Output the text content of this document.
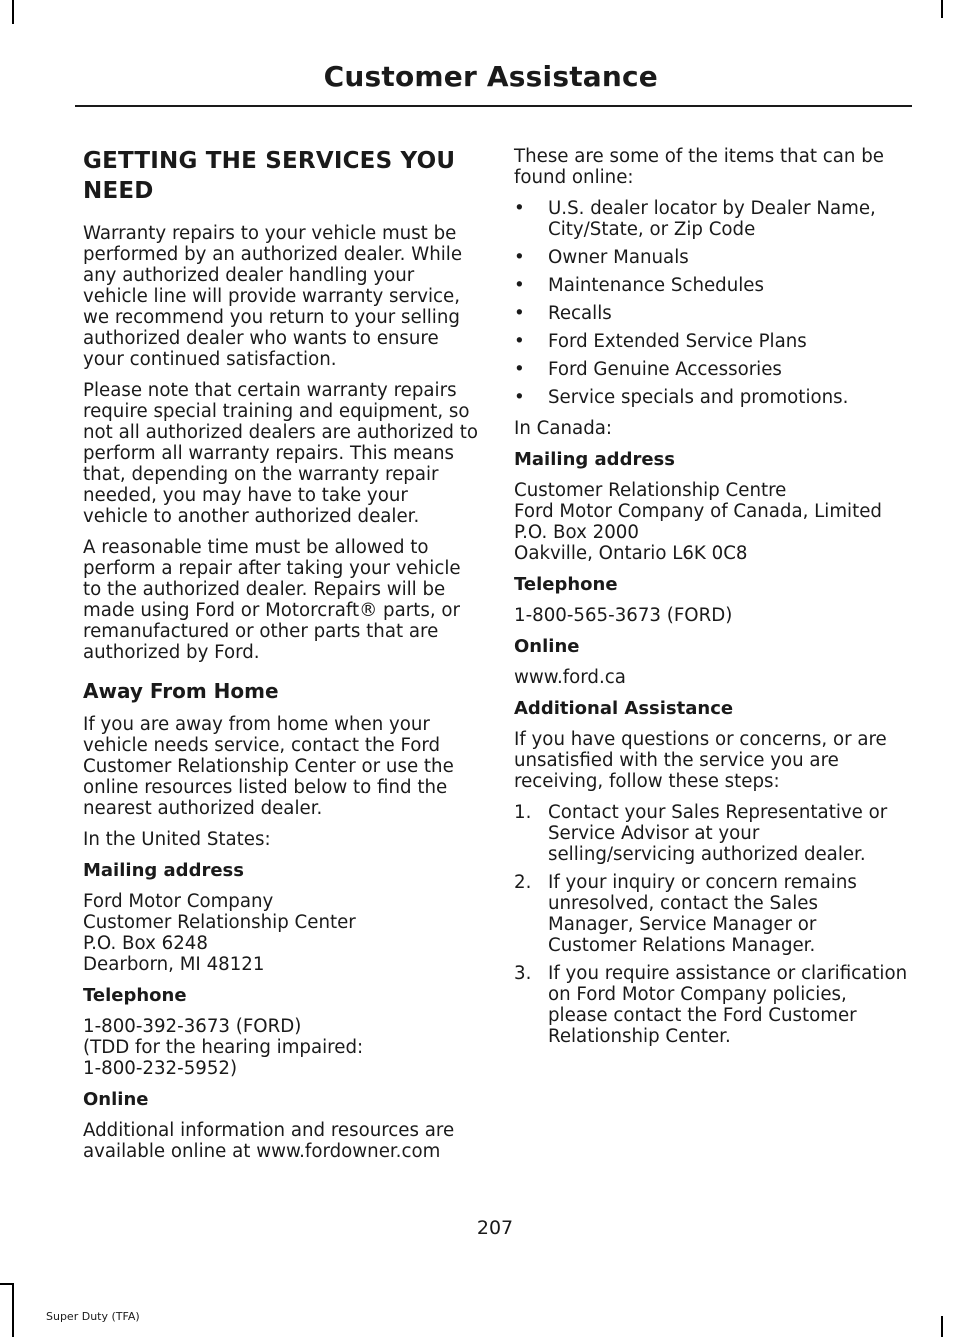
Customer Assistance
GETTING THE SERVICES YOU NEED

Warranty repairs to your vehicle must be performed by an authorized dealer. While any authorized dealer handling your vehicle line will provide warranty service, we recommend you return to your selling authorized dealer who wants to ensure your continued satisfaction.

Please note that certain warranty repairs require special training and equipment, so not all authorized dealers are authorized to perform all warranty repairs. This means that, depending on the warranty repair needed, you may have to take your vehicle to another authorized dealer.

A reasonable time must be allowed to perform a repair after taking your vehicle to the authorized dealer. Repairs will be made using Ford or Motorcraft® parts, or remanufactured or other parts that are authorized by Ford.

Away From Home

If you are away from home when your vehicle needs service, contact the Ford Customer Relationship Center or use the online resources listed below to find the nearest authorized dealer.

In the United States:

Mailing address

Ford Motor Company
Customer Relationship Center
P.O. Box 6248
Dearborn, MI 48121

Telephone

1-800-392-3673 (FORD)
(TDD for the hearing impaired:
1-800-232-5952)

Online

Additional information and resources are available online at www.fordowner.com

These are some of the items that can be found online:

• U.S. dealer locator by Dealer Name, City/State, or Zip Code
• Owner Manuals
• Maintenance Schedules
• Recalls
• Ford Extended Service Plans
• Ford Genuine Accessories
• Service specials and promotions.

In Canada:

Mailing address

Customer Relationship Centre
Ford Motor Company of Canada, Limited
P.O. Box 2000
Oakville, Ontario L6K 0C8

Telephone

1-800-565-3673 (FORD)

Online

www.ford.ca

Additional Assistance

If you have questions or concerns, or are unsatisfied with the service you are receiving, follow these steps:

1. Contact your Sales Representative or Service Advisor at your selling/servicing authorized dealer.
2. If your inquiry or concern remains unresolved, contact the Sales Manager, Service Manager or Customer Relations Manager.
3. If you require assistance or clarification on Ford Motor Company policies, please contact the Ford Customer Relationship Center.
207
Super Duty (TFA)
